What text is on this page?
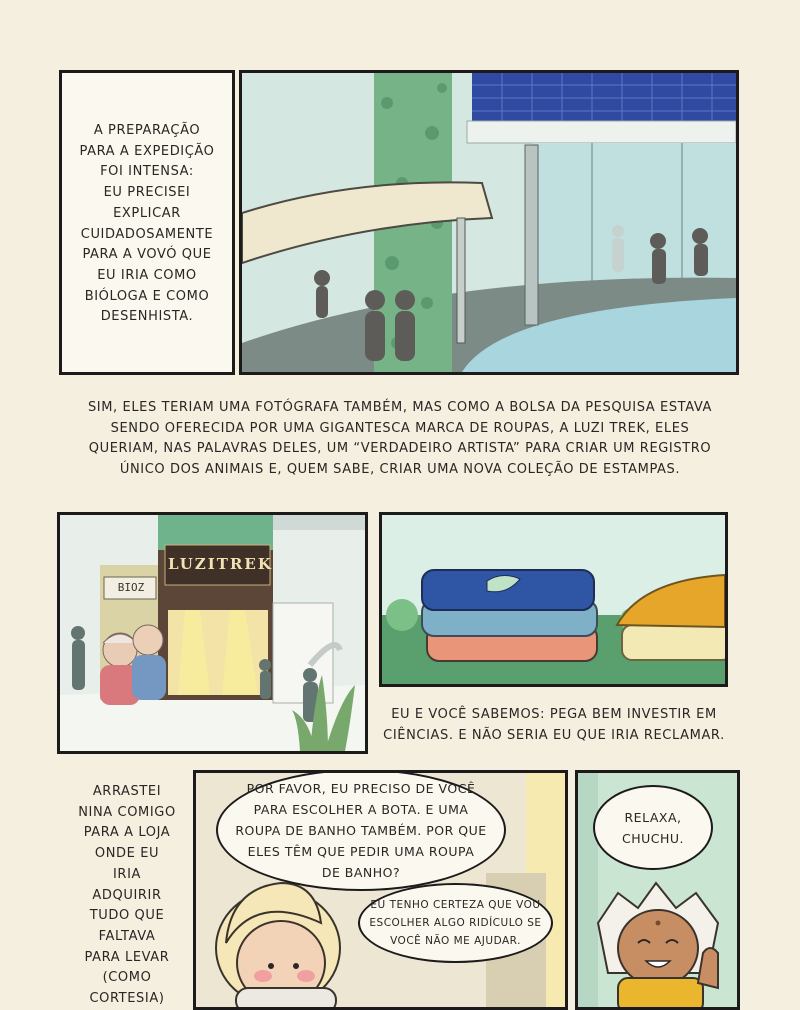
A PREPARAÇÃO
PARA A EXPEDIÇÃO
FOI INTENSA:
EU PRECISEI
EXPLICAR
CUIDADOSAMENTE
PARA A VOVÓ QUE
EU IRIA COMO
BIÓLOGA E COMO
DESENHISTA.
SIM, ELES TERIAM UMA FOTÓGRAFA TAMBÉM, MAS COMO A BOLSA DA PESQUISA ESTAVA
SENDO OFERECIDA POR UMA GIGANTESCA MARCA DE ROUPAS, A LUZI TREK, ELES
QUERIAM, NAS PALAVRAS DELES, UM “VERDADEIRO ARTISTA” PARA CRIAR UM REGISTRO
ÚNICO DOS ANIMAIS E, QUEM SABE, CRIAR UMA NOVA COLEÇÃO DE ESTAMPAS.
LUZITREK
BIOZ
EU E VOCÊ SABEMOS: PEGA BEM INVESTIR EM
CIÊNCIAS. E NÃO SERIA EU QUE IRIA RECLAMAR.
ARRASTEI
NINA COMIGO
PARA A LOJA
ONDE EU
IRIA
ADQUIRIR
TUDO QUE
FALTAVA
PARA LEVAR
(COMO
CORTESIA)
POR FAVOR, EU PRECISO DE VOCÊ
PARA ESCOLHER A BOTA. E UMA
ROUPA DE BANHO TAMBÉM. POR QUE
ELES TÊM QUE PEDIR UMA ROUPA
DE BANHO?
EU TENHO CERTEZA QUE VOU
ESCOLHER ALGO RIDÍCULO SE
VOCÊ NÃO ME AJUDAR.
RELAXA,
CHUCHU.
